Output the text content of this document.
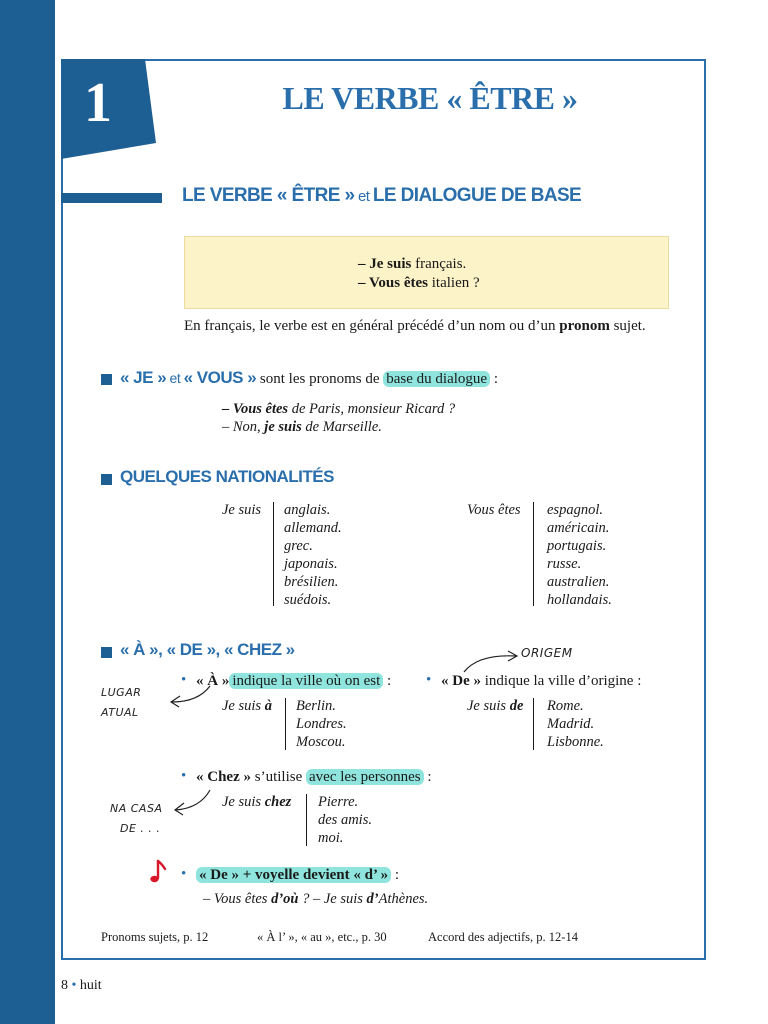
1	LE VERBE « ÊTRE »
LE VERBE « ÊTRE » et LE DIALOGUE DE BASE
– Je suis français.
– Vous êtes italien ?
En français, le verbe est en général précédé d’un nom ou d’un pronom sujet.
« JE » et « VOUS » sont les pronoms de base du dialogue :
– Vous êtes de Paris, monsieur Ricard ?
– Non, je suis de Marseille.
QUELQUES NATIONALITÉS
Je suis anglais.
allemand.
grec.
japonais.
brésilien.
suédois.
Vous êtes espagnol.
américain.
portugais.
russe.
australien.
hollandais.
« À », « DE », « CHEZ »
• « À » indique la ville où on est :
Je suis à Berlin.
Londres.
Moscou.
• « De » indique la ville d’origine :
Je suis de Rome.
Madrid.
Lisbonne.
• « Chez » s’utilise avec les personnes :
Je suis chez Pierre.
des amis.
moi.
• « De » + voyelle devient « d’ » :
– Vous êtes d’où ? – Je suis d’Athènes.
ORIGEM
LUGAR
ATUAL
NA CASA
DE . . .
Pronoms sujets, p. 12	« À l’ », « au », etc., p. 30	Accord des adjectifs, p. 12-14
8 • huit
